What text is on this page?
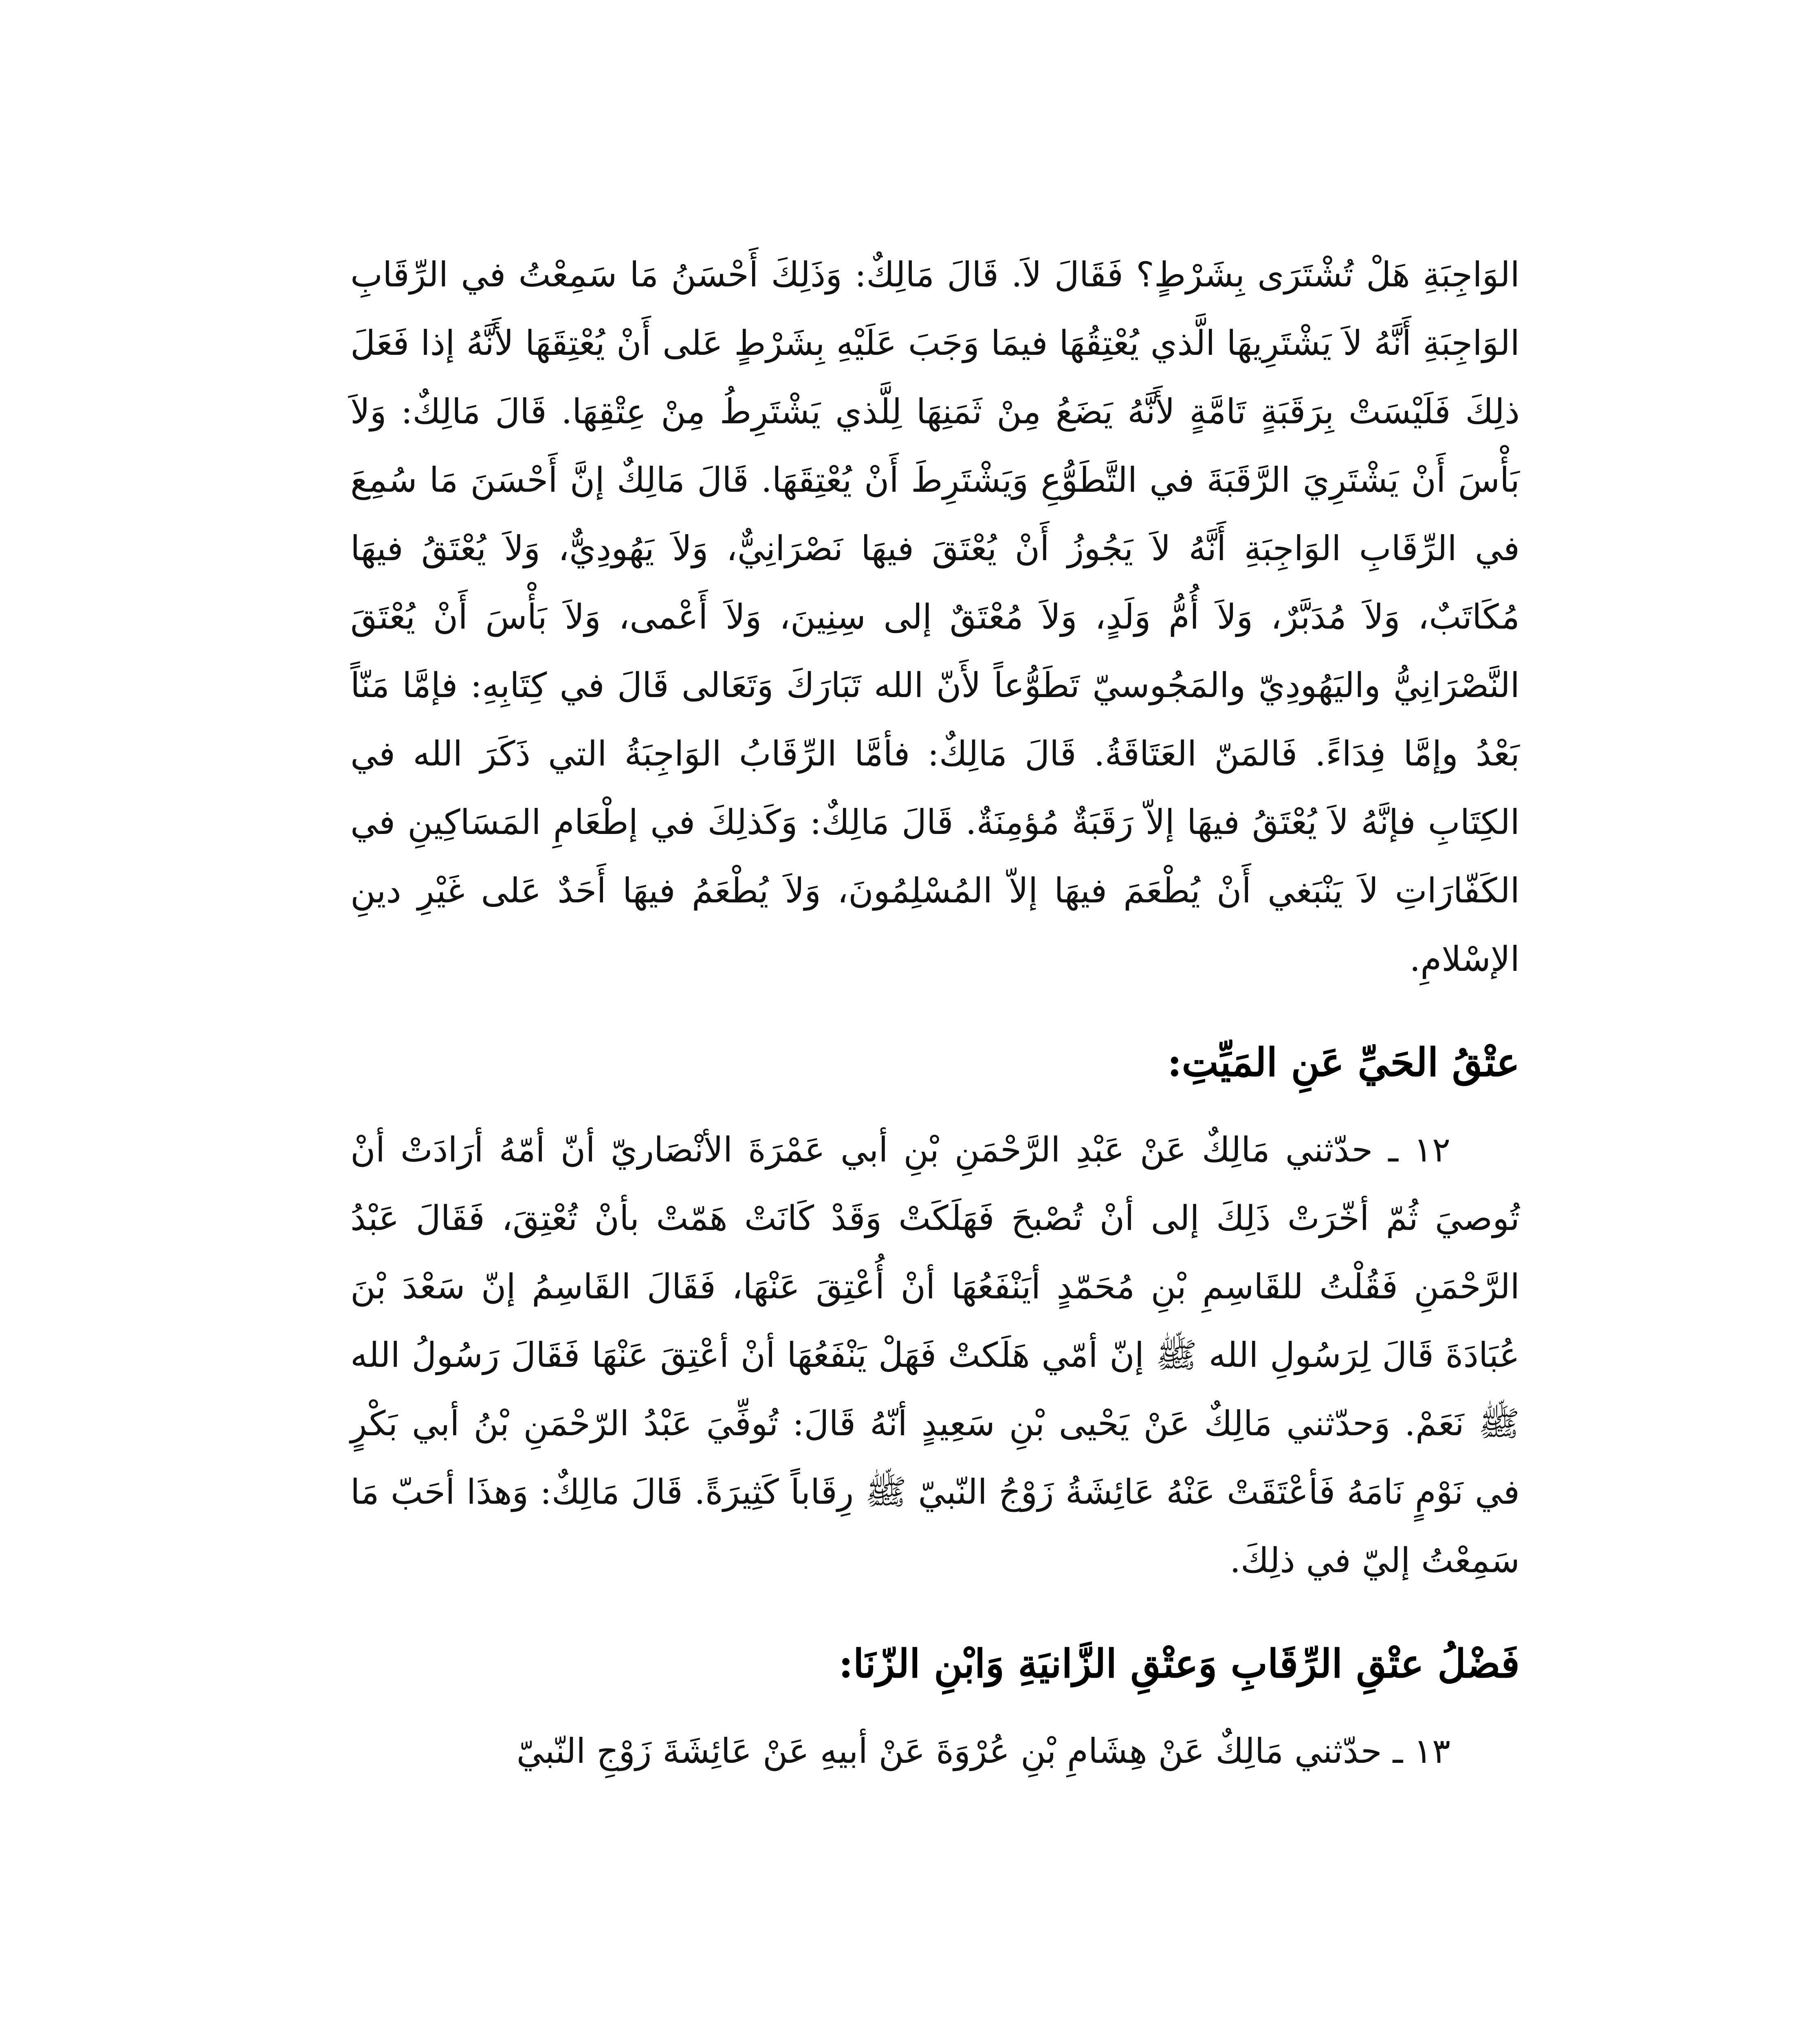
الوَاجِبَةِ هَلْ تُشْتَرَى بِشَرْطٍ؟ فَقَالَ لاَ. قَالَ مَالِكٌ: وَذَلِكَ أَحْسَنُ مَا سَمِعْتُ في الرِّقَابِ الوَاجِبَةِ أَنَّهُ لاَ يَشْتَرِيهَا الَّذي يُعْتِقُهَا فيمَا وَجَبَ عَلَيْهِ بِشَرْطٍ عَلى أَنْ يُعْتِقَهَا لأَنَّهُ إذا فَعَلَ ذلِكَ فَلَيْسَتْ بِرَقَبَةٍ تَامَّةٍ لأَنَّهُ يَضَعُ مِنْ ثَمَنِهَا لِلَّذي يَشْتَرِطُ مِنْ عِتْقِهَا. قَالَ مَالِكٌ: وَلاَ بَأْسَ أَنْ يَشْتَرِيَ الرَّقَبَةَ في التَّطَوُّعِ وَيَشْتَرِطَ أَنْ يُعْتِقَهَا. قَالَ مَالِكٌ إنَّ أَحْسَنَ مَا سُمِعَ في الرِّقَابِ الوَاجِبَةِ أَنَّهُ لاَ يَجُوزُ أَنْ يُعْتَقَ فيهَا نَصْرَانِيٌّ، وَلاَ يَهُودِيٌّ، وَلاَ يُعْتَقُ فيهَا مُكَاتَبٌ، وَلاَ مُدَبَّرٌ، وَلاَ أُمُّ وَلَدٍ، وَلاَ مُعْتَقٌ إلى سِنِينَ، وَلاَ أَعْمى، وَلاَ بَأْسَ أَنْ يُعْتَقَ النَّصْرَانِيُّ واليَهُودِيّ والمَجُوسيّ تَطَوُّعاً لأَنّ الله تَبَارَكَ وَتَعَالى قَالَ في كِتَابِهِ: فإمَّا مَنّاً بَعْدُ وإمَّا فِدَاءً. فَالمَنّ العَتَاقَةُ. قَالَ مَالِكٌ: فأمَّا الرِّقَابُ الوَاجِبَةُ التي ذَكَرَ الله في الكِتَابِ فإنَّهُ لاَ يُعْتَقُ فيهَا إلاّ رَقَبَةٌ مُؤمِنَةٌ. قَالَ مَالِكٌ: وَكَذلِكَ في إطْعَامِ المَسَاكِينِ في الكَفّارَاتِ لاَ يَنْبَغي أَنْ يُطْعَمَ فيهَا إلاّ المُسْلِمُونَ، وَلاَ يُطْعَمُ فيهَا أَحَدٌ عَلى غَيْرِ دينِ الإسْلامِ.

عتْقُ الحَيِّ عَنِ المَيِّتِ:

١٢ ـ حدّثني مَالِكٌ عَنْ عَبْدِ الرَّحْمَنِ بْنِ أبي عَمْرَةَ الأنْصَاريّ أنّ أمّهُ أرَادَتْ أنْ تُوصيَ ثُمّ أخّرَتْ ذَلِكَ إلى أنْ تُصْبحَ فَهَلَكَتْ وَقَدْ كَانَتْ هَمّتْ بأنْ تُعْتِقَ، فَقَالَ عَبْدُ الرَّحْمَنِ فَقُلْتُ للقَاسِمِ بْنِ مُحَمّدٍ أيَنْفَعُهَا أنْ أُعْتِقَ عَنْهَا، فَقَالَ القَاسِمُ إنّ سَعْدَ بْنَ عُبَادَةَ قَالَ لِرَسُولِ الله ﷺ إنّ أمّي هَلَكتْ فَهَلْ يَنْفَعُهَا أنْ أعْتِقَ عَنْهَا فَقَالَ رَسُولُ الله ﷺ نَعَمْ. وَحدّثني مَالِكٌ عَنْ يَحْيى بْنِ سَعِيدٍ أنّهُ قَالَ: تُوفِّيَ عَبْدُ الرّحْمَنِ بْنُ أبي بَكْرٍ في نَوْمٍ نَامَهُ فَأعْتَقَتْ عَنْهُ عَائِشَةُ زَوْجُ النّبيّ ﷺ رِقَاباً كَثِيرَةً. قَالَ مَالِكٌ: وَهذَا أحَبّ مَا سَمِعْتُ إليّ في ذلِكَ.

فَضْلُ عتْقِ الرِّقَابِ وَعتْقِ الزَّانيَةِ وَابْنِ الزّنَا:

١٣ ـ حدّثني مَالِكٌ عَنْ هِشَامِ بْنِ عُرْوَةَ عَنْ أبيهِ عَنْ عَائِشَةَ زَوْجِ النّبيّ
